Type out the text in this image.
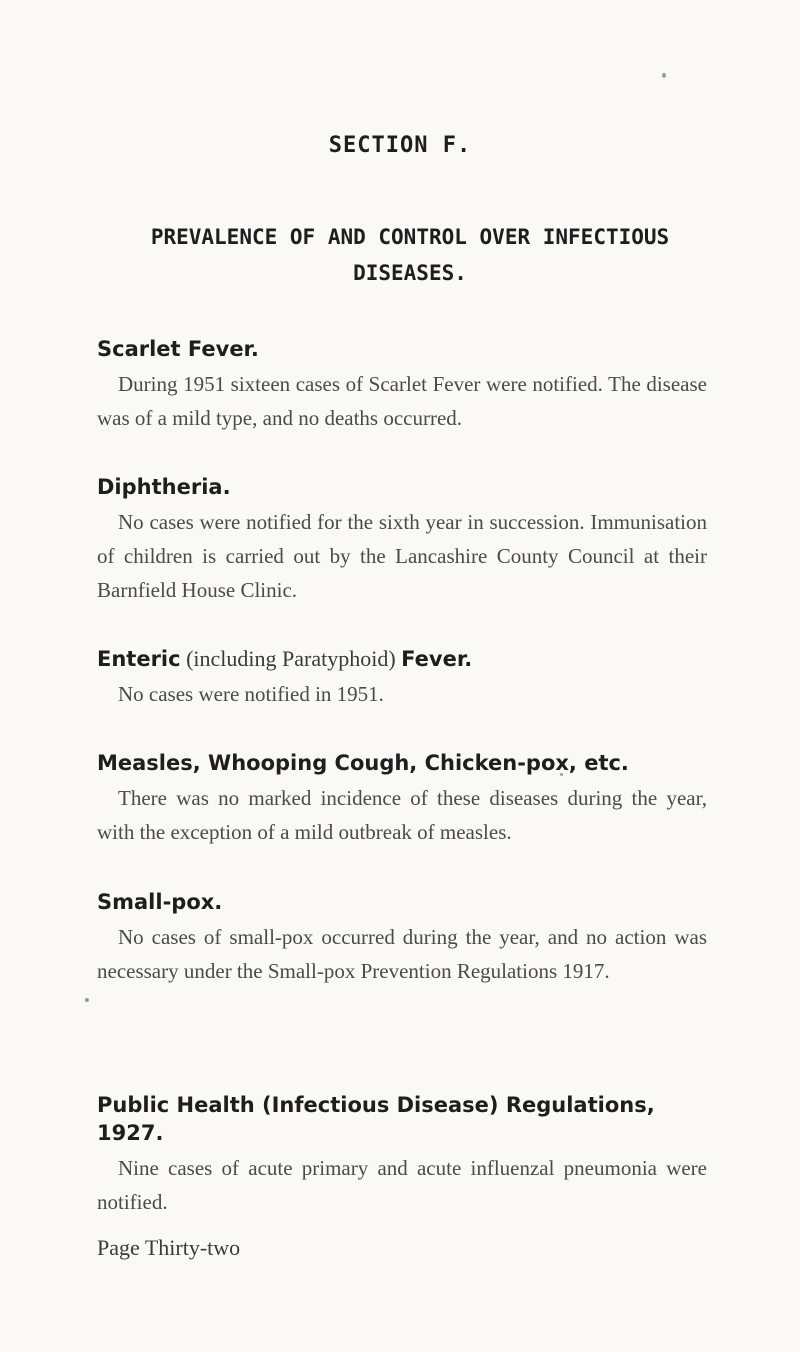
SECTION F.
PREVALENCE OF AND CONTROL OVER INFECTIOUS DISEASES.

Scarlet Fever.

During 1951 sixteen cases of Scarlet Fever were notified. The disease was of a mild type, and no deaths occurred.

Diphtheria.

No cases were notified for the sixth year in succession. Immunisation of children is carried out by the Lancashire County Council at their Barnfield House Clinic.

Enteric (including Paratyphoid) Fever.

No cases were notified in 1951.

Measles, Whooping Cough, Chicken-pox, etc.

There was no marked incidence of these diseases during the year, with the exception of a mild outbreak of measles.

Small-pox.

No cases of small-pox occurred during the year, and no action was necessary under the Small-pox Prevention Regulations 1917.

Public Health (Infectious Disease) Regulations, 1927.

Nine cases of acute primary and acute influenzal pneumonia were notified.

Page Thirty-two
